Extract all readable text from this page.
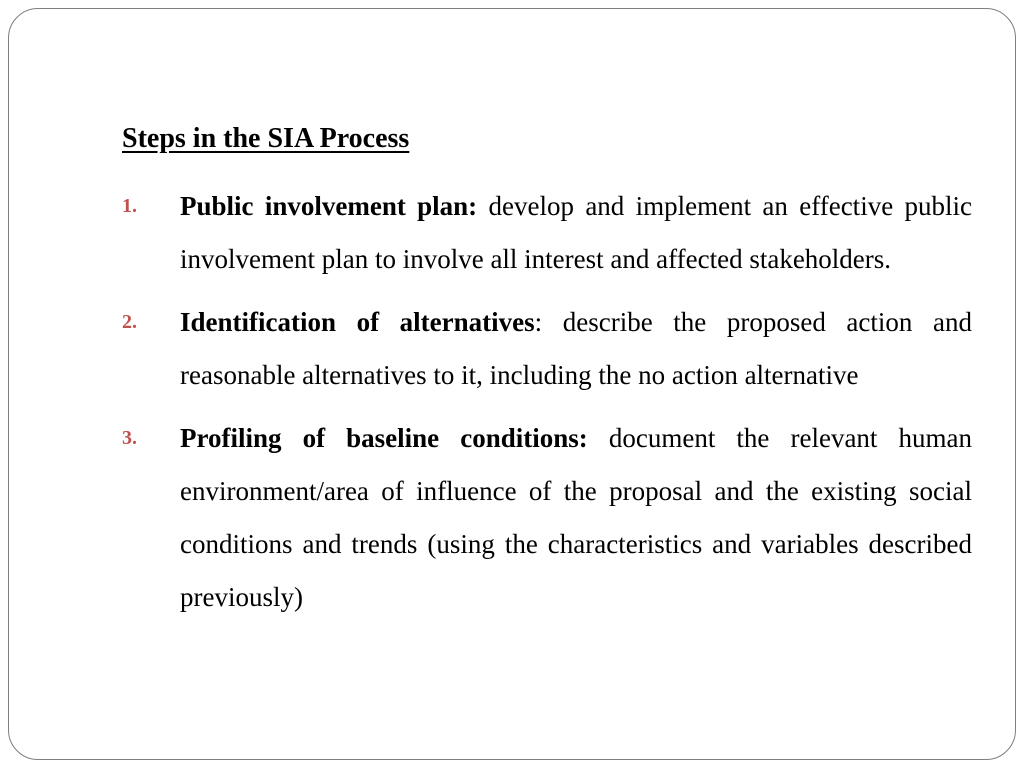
Steps in the SIA Process
1. Public involvement plan: develop and implement an effective public involvement plan to involve all interest and affected stakeholders.
2. Identification of alternatives: describe the proposed action and reasonable alternatives to it, including the no action alternative
3. Profiling of baseline conditions: document the relevant human environment/area of influence of the proposal and the existing social conditions and trends (using the characteristics and variables described previously)
